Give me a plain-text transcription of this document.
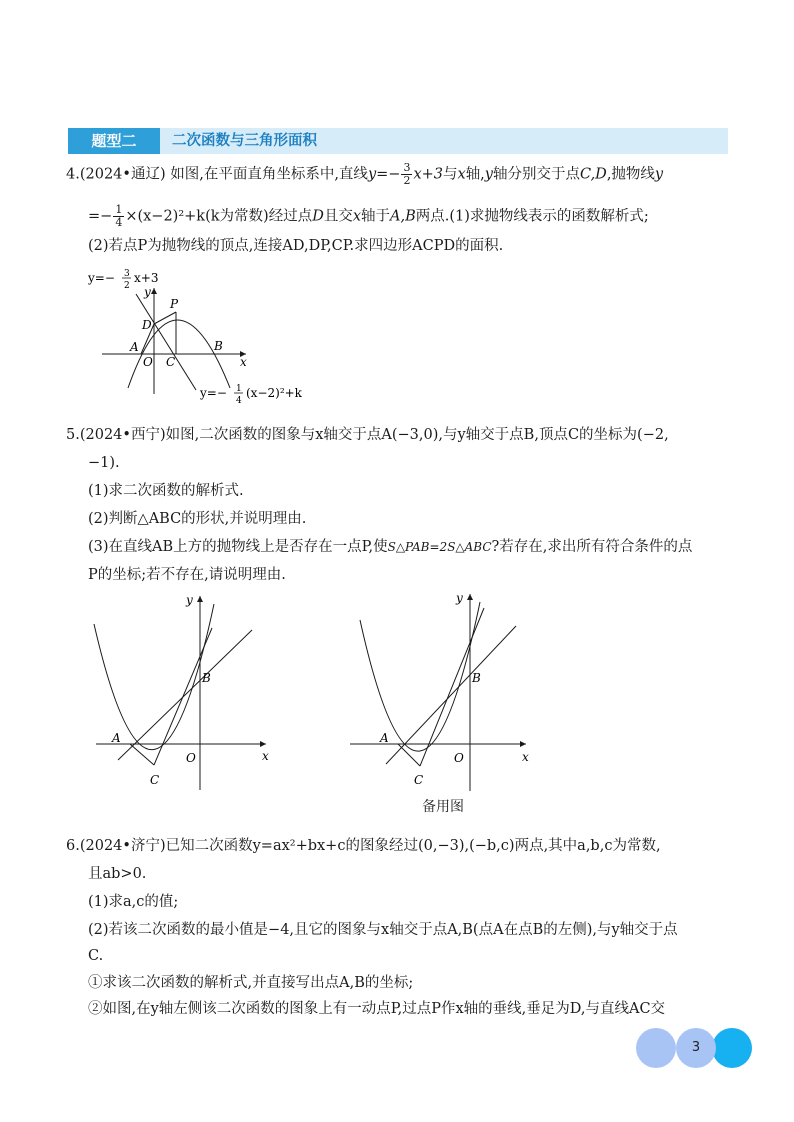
题型二	二次函数与三角形面积
4.(2024•通辽) 如图,在平面直角坐标系中,直线$y=- \frac{3}{2} x+3$与x轴,y轴分别交于点C,D,抛物线y
=− $\frac{1}{4} \times(x-2)^2+k(k$为常数)经过点D且交x轴于A,B两点.(1)求抛物线表示的函数解析式;
(2)若点P为抛物线的顶点,连接AD,DP,CP.求四边形ACPD的面积.
y=− 3
2
x+3
x
y
P
D
A
O C
B
y=− 1
4
(x−2)²+k
5.(2024•西宁)如图,二次函数的图象与x轴交于点A(−3,0),与y轴交于点B,顶点C的坐标为(−2,
−1).
(1)求二次函数的解析式.
(2)判断△ABC的形状,并说明理由.
(3)在直线AB上方的抛物线上是否存在一点P,使S△PAB=2S△ABC?若存在,求出所有符合条件的点
P的坐标;若不存在,请说明理由.
x
y
A
B
C
O	x
y
A
B
C
O
备用图
6.(2024•济宁)已知二次函数y=ax²+bx+c的图象经过(0,−3),(−b,c)两点,其中a,b,c为常数,
且ab>0.
(1)求a,c的值;
(2)若该二次函数的最小值是−4,且它的图象与x轴交于点A,B(点A在点B的左侧),与y轴交于点
C.
①求该二次函数的解析式,并直接写出点A,B的坐标;
②如图,在y轴左侧该二次函数的图象上有一动点P,过点P作x轴的垂线,垂足为D,与直线AC交
3
